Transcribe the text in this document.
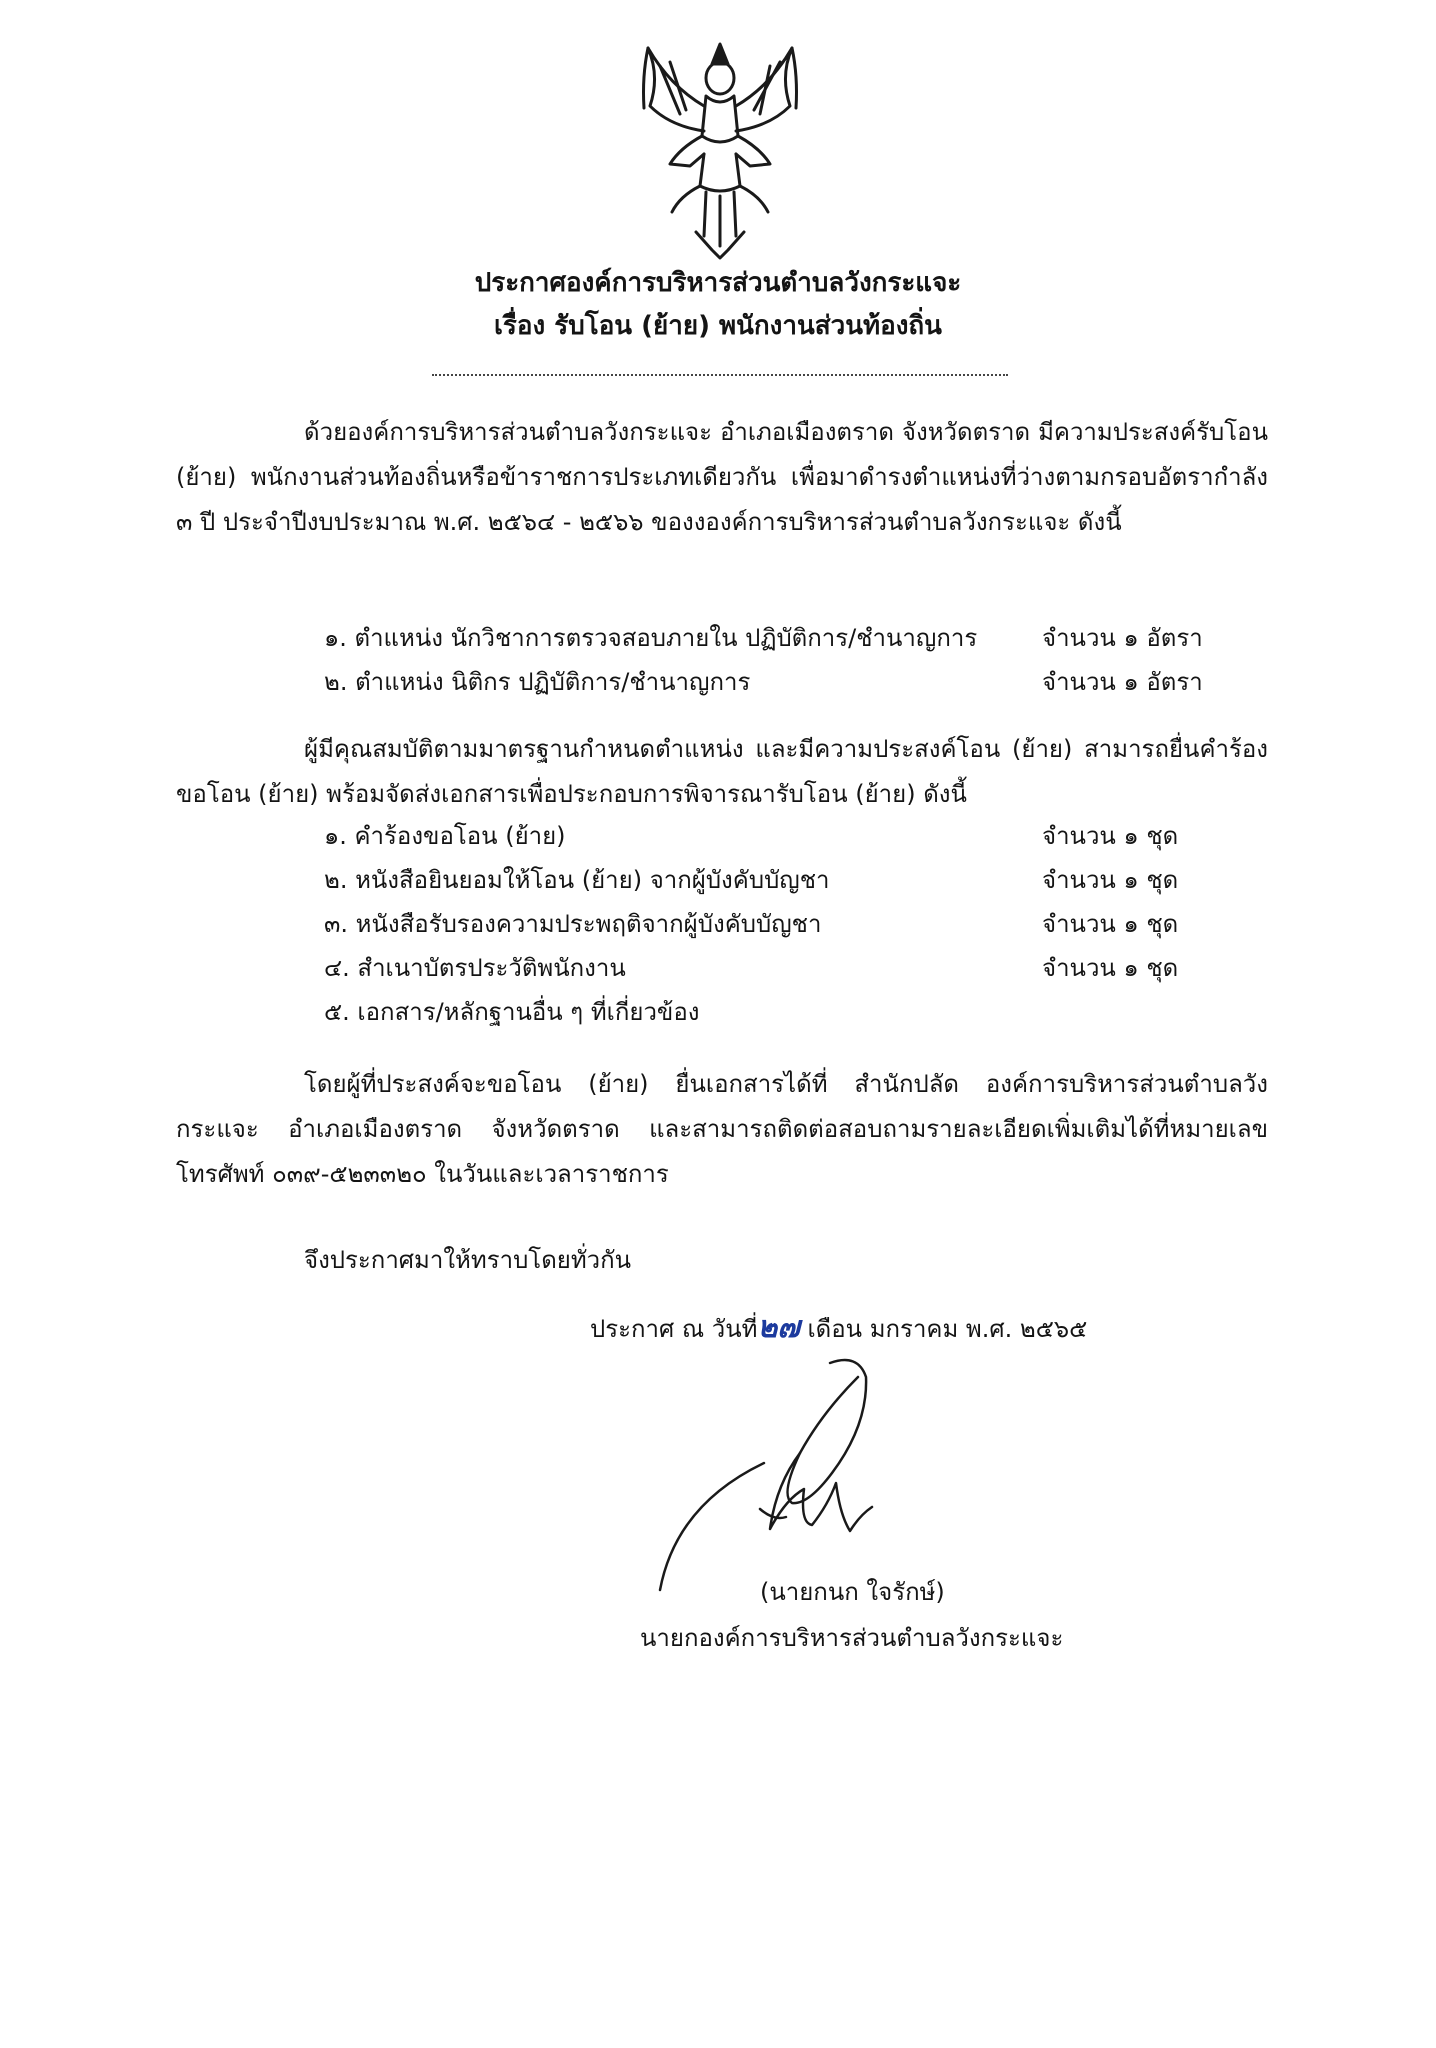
ประกาศองค์การบริหารส่วนตำบลวังกระแจะ
เรื่อง รับโอน (ย้าย) พนักงานส่วนท้องถิ่น

ด้วยองค์การบริหารส่วนตำบลวังกระแจะ อำเภอเมืองตราด จังหวัดตราด มีความประสงค์รับโอน (ย้าย) พนักงานส่วนท้องถิ่นหรือข้าราชการประเภทเดียวกัน เพื่อมาดำรงตำแหน่งที่ว่างตามกรอบอัตรากำลัง ๓ ปี ประจำปีงบประมาณ พ.ศ. ๒๕๖๔ - ๒๕๖๖ ของงองค์การบริหารส่วนตำบลวังกระแจะ ดังนี้

๑. ตำแหน่ง นักวิชาการตรวจสอบภายใน ปฏิบัติการ/ชำนาญการ	จำนวน ๑ อัตรา
๒. ตำแหน่ง นิติกร ปฏิบัติการ/ชำนาญการ	จำนวน ๑ อัตรา

ผู้มีคุณสมบัติตามมาตรฐานกำหนดตำแหน่ง และมีความประสงค์โอน (ย้าย) สามารถยื่นคำร้องขอโอน (ย้าย) พร้อมจัดส่งเอกสารเพื่อประกอบการพิจารณารับโอน (ย้าย) ดังนี้

๑. คำร้องขอโอน (ย้าย)	จำนวน ๑ ชุด
๒. หนังสือยินยอมให้โอน (ย้าย) จากผู้บังคับบัญชา	จำนวน ๑ ชุด
๓. หนังสือรับรองความประพฤติจากผู้บังคับบัญชา	จำนวน ๑ ชุด
๔. สำเนาบัตรประวัติพนักงาน	จำนวน ๑ ชุด
๕. เอกสาร/หลักฐานอื่น ๆ ที่เกี่ยวข้อง

โดยผู้ที่ประสงค์จะขอโอน (ย้าย) ยื่นเอกสารได้ที่ สำนักปลัด องค์การบริหารส่วนตำบลวังกระแจะ อำเภอเมืองตราด จังหวัดตราด และสามารถติดต่อสอบถามรายละเอียดเพิ่มเติมได้ที่หมายเลขโทรศัพท์ ๐๓๙-๕๒๓๓๒๐ ในวันและเวลาราชการ

จึงประกาศมาให้ทราบโดยทั่วกัน
ประกาศ ณ วันที่๒๗ เดือน มกราคม พ.ศ. ๒๕๖๕
(นายกนก ใจรักษ์)
นายกองค์การบริหารส่วนตำบลวังกระแจะ
